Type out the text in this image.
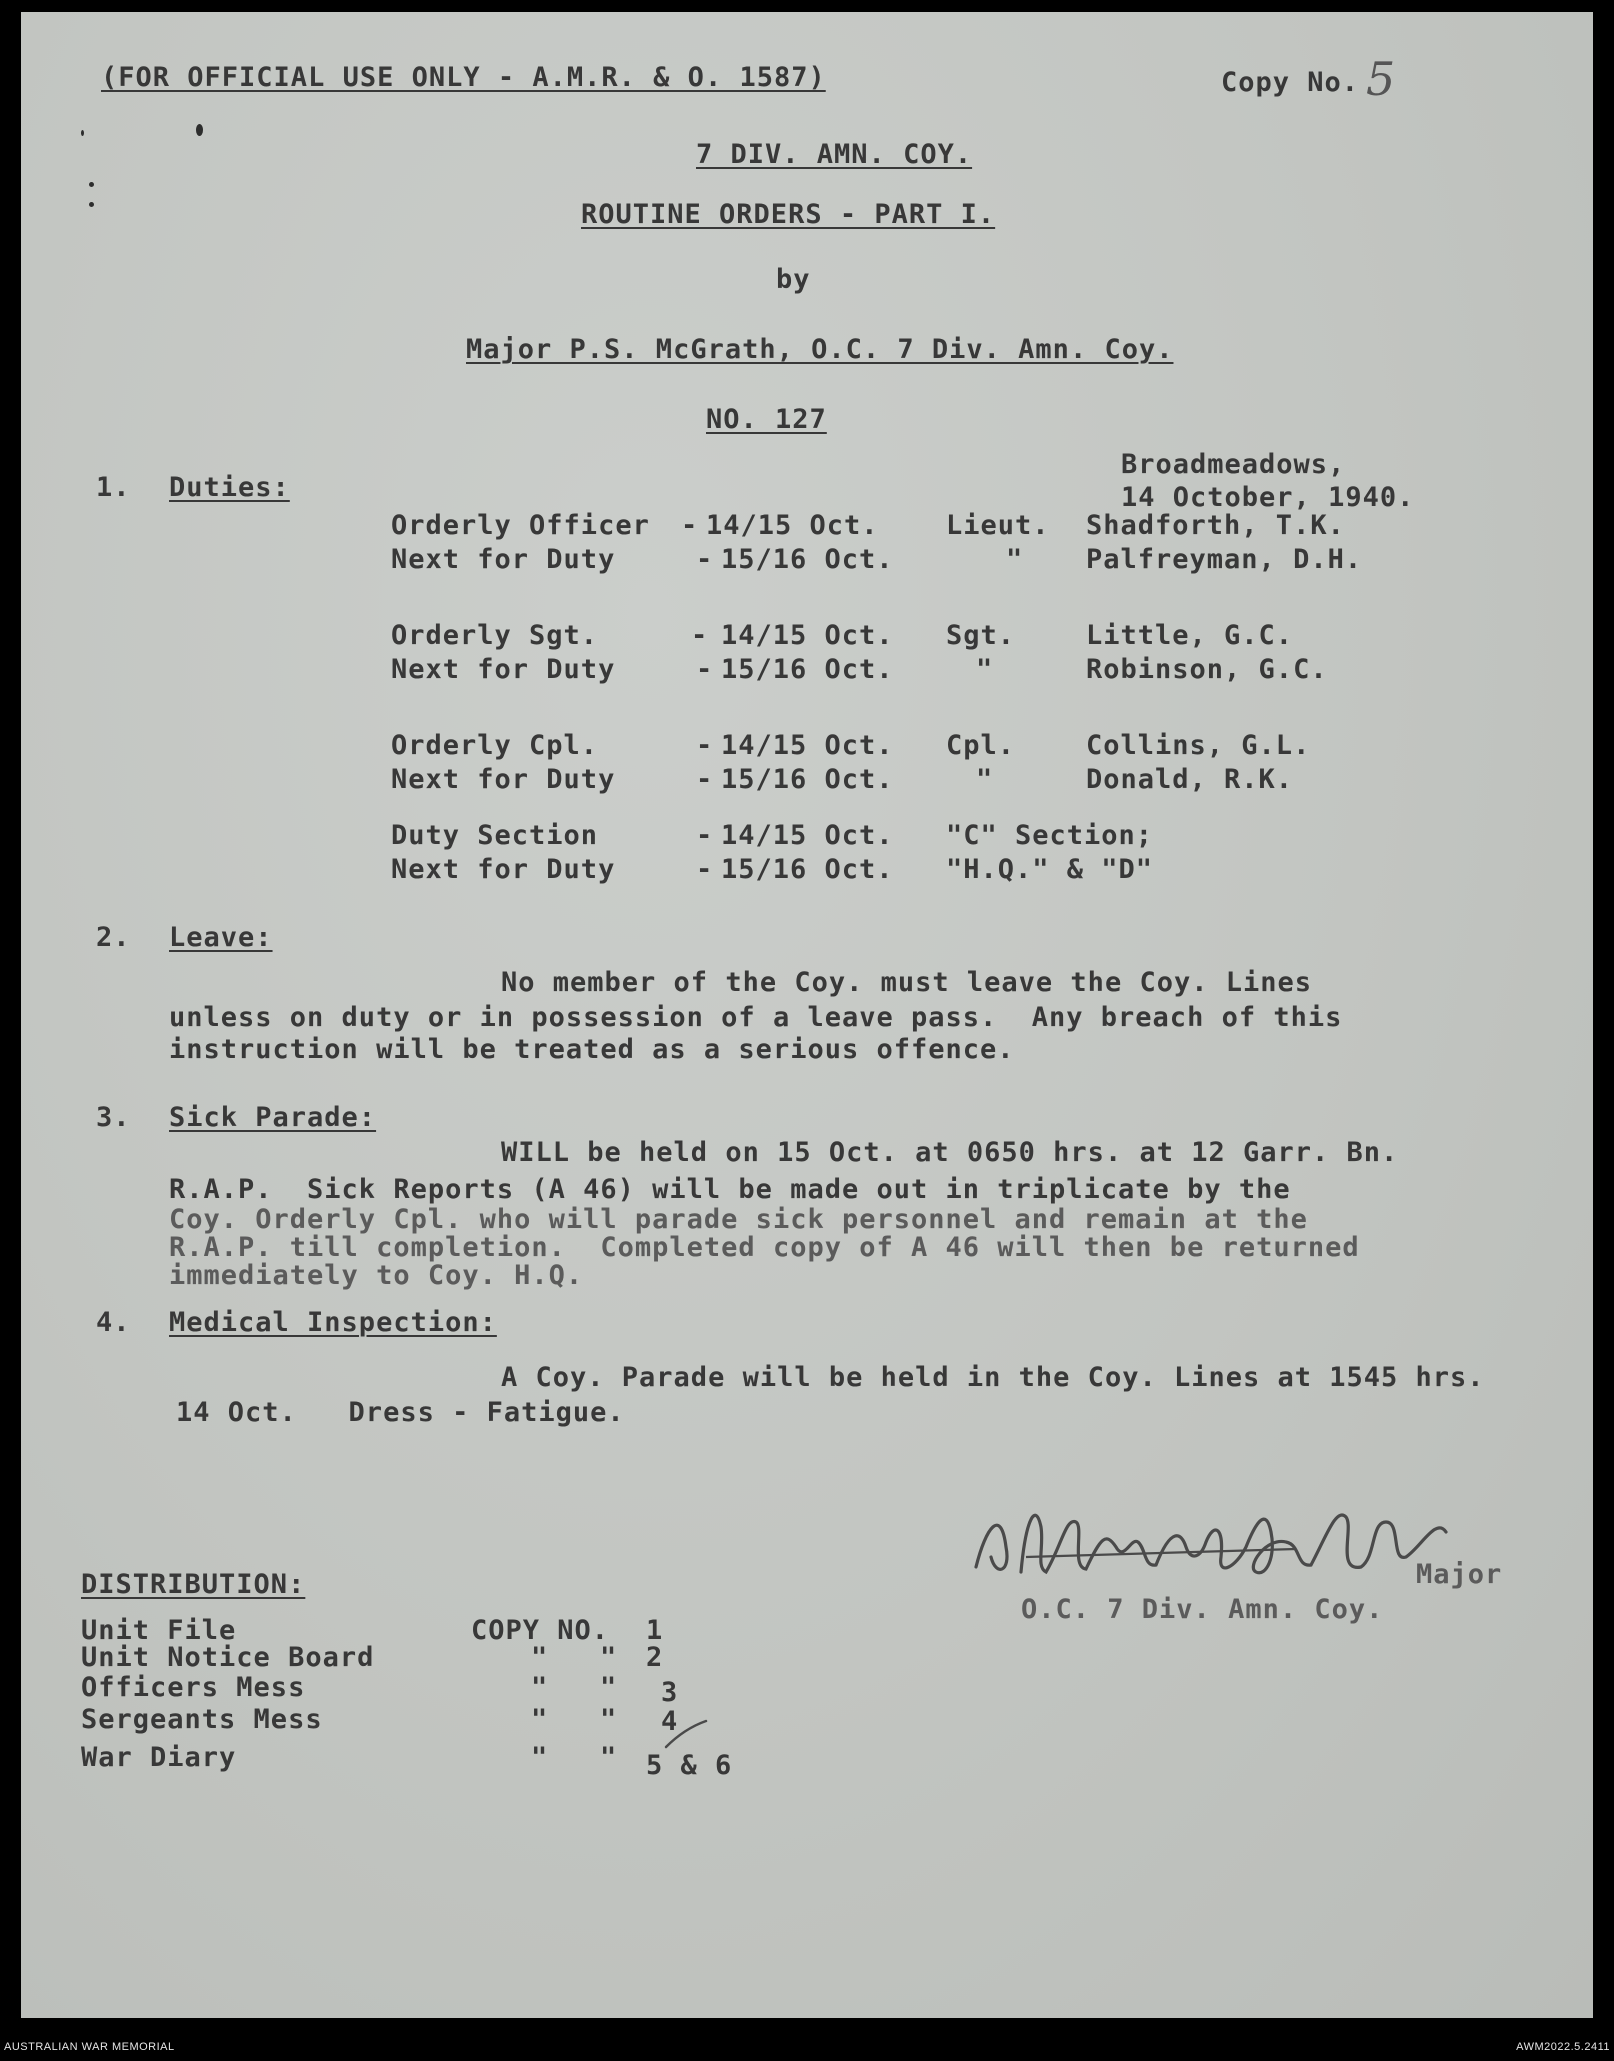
(FOR OFFICIAL USE ONLY - A.M.R. & O. 1587)	Copy No. 5
7 DIV. AMN. COY.
ROUTINE ORDERS - PART I.
by
Major P.S. McGrath, O.C. 7 Div. Amn. Coy.
NO. 127
Broadmeadows,
14 October, 1940.
1. Duties:
Orderly Officer - 14/15 Oct. Lieut. Shadforth, T.K.
Next for Duty	- 15/16 Oct.	" Palfreyman, D.H.
Orderly Sgt.	- 14/15 Oct. Sgt.	Little, G.C.
Next for Duty	- 15/16 Oct.	"	Robinson, G.C.
Orderly Cpl.	- 14/15 Oct. Cpl.	Collins, G.L.
Next for Duty	- 15/16 Oct.	"	Donald, R.K.
Duty Section	- 14/15 Oct. "C" Section;
Next for Duty	- 15/16 Oct. "H.Q." & "D"
2. Leave:
No member of the Coy. must leave the Coy. Lines
unless on duty or in possession of a leave pass.  Any breach of this
instruction will be treated as a serious offence.
3. Sick Parade:
WILL be held on 15 Oct. at 0650 hrs. at 12 Garr. Bn.
R.A.P.  Sick Reports (A 46) will be made out in triplicate by the
Coy. Orderly Cpl. who will parade sick personnel and remain at the
R.A.P. till completion.  Completed copy of A 46 will then be returned
immediately to Coy. H.Q.
4. Medical Inspection:
A Coy. Parade will be held in the Coy. Lines at 1545 hrs.
14 Oct.   Dress - Fatigue.
Major
O.C. 7 Div. Amn. Coy.
DISTRIBUTION:
Unit File	COPY NO. 1
Unit Notice Board	"   " 2
Officers Mess	"   " 3
Sergeants Mess	"   " 4
War Diary	"   " 5 & 6
AUSTRALIAN WAR MEMORIAL	AWM2022.5.2411
